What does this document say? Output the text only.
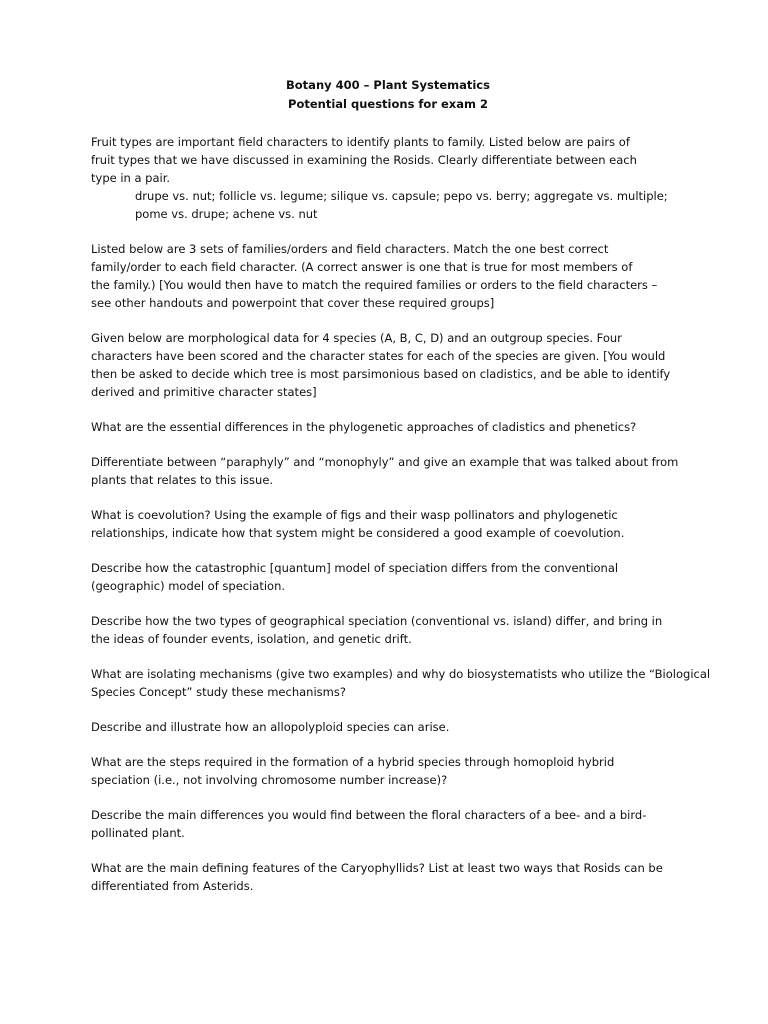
Botany 400 – Plant Systematics
Potential questions for exam 2
Fruit types are important field characters to identify plants to family. Listed below are pairs of
fruit types that we have discussed in examining the Rosids. Clearly differentiate between each
type in a pair.
drupe vs. nut; follicle vs. legume; silique vs. capsule; pepo vs. berry; aggregate vs. multiple;
pome vs. drupe; achene vs. nut
Listed below are 3 sets of families/orders and field characters. Match the one best correct
family/order to each field character. (A correct answer is one that is true for most members of
the family.) [You would then have to match the required families or orders to the field characters –
see other handouts and powerpoint that cover these required groups]
Given below are morphological data for 4 species (A, B, C, D) and an outgroup species. Four
characters have been scored and the character states for each of the species are given. [You would
then be asked to decide which tree is most parsimonious based on cladistics, and be able to identify
derived and primitive character states]
What are the essential differences in the phylogenetic approaches of cladistics and phenetics?
Differentiate between “paraphyly” and “monophyly” and give an example that was talked about from
plants that relates to this issue.
What is coevolution? Using the example of figs and their wasp pollinators and phylogenetic
relationships, indicate how that system might be considered a good example of coevolution.
Describe how the catastrophic [quantum] model of speciation differs from the conventional
(geographic) model of speciation.
Describe how the two types of geographical speciation (conventional vs. island) differ, and bring in
the ideas of founder events, isolation, and genetic drift.
What are isolating mechanisms (give two examples) and why do biosystematists who utilize the “Biological
Species Concept” study these mechanisms?
Describe and illustrate how an allopolyploid species can arise.
What are the steps required in the formation of a hybrid species through homoploid hybrid
speciation (i.e., not involving chromosome number increase)?
Describe the main differences you would find between the floral characters of a bee- and a bird-
pollinated plant.
What are the main defining features of the Caryophyllids? List at least two ways that Rosids can be
differentiated from Asterids.
